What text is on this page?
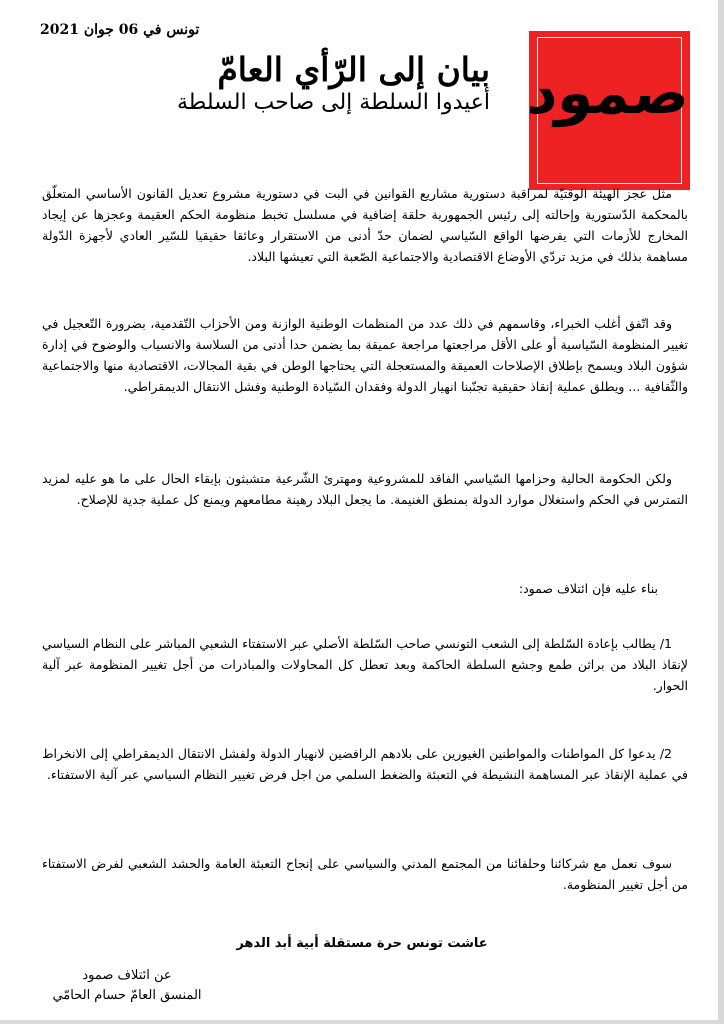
تونس في 06 جوان 2021
صمود
بيان إلى الرّأي العامّ
أعيدوا السلطة إلى صاحب السلطة

مثل عجز الهيئة الوقتيّة لمراقبة دستورية مشاريع القوانين في البت في دستورية مشروع تعديل القانون الأساسي المتعلّق بالمحكمة الدّستورية وإحالته إلى رئيس الجمهورية حلقة إضافية في مسلسل تخبط منظومة الحكم العقيمة وعجزها عن إيجاد المخارج للأزمات التي يفرضها الواقع السّياسي لضمان حدّ أدنى من الاستقرار وعائقا حقيقيا للسّير العادي لأجهزة الدّولة مساهمة بذلك في مزيد تردّي الأوضاع الاقتصادية والاجتماعية الصّعبة التي تعيشها البلاد.

وقد اتّفق أغلب الخبراء، وقاسمهم في ذلك عدد من المنظمات الوطنية الوازنة ومن الأحزاب التّقدمية، بضرورة التّعجيل في تغيير المنظومة السّياسية أو على الأقل مراجعتها مراجعة عميقة بما يضمن حدا أدنى من السلاسة والانسياب والوضوح في إدارة شؤون البلاد ويسمح بإطلاق الإصلاحات العميقة والمستعجلة التي يحتاجها الوطن في بقية المجالات، الاقتصادية منها والاجتماعية والثّقافية ... ويطلق عملية إنقاذ حقيقية تجنّبنا انهيار الدولة وفقدان السّيادة الوطنية وفشل الانتقال الديمقراطي.

ولكن الحكومة الحالية وحزامها السّياسي الفاقد للمشروعية ومهترئ الشّرعية متشبثون بإبقاء الحال على ما هو عليه لمزيد التمترس في الحكم واستغلال موارد الدولة بمنطق الغنيمة. ما يجعل البلاد رهينة مطامعهم ويمنع كل عملية جدية للإصلاح.

بناء عليه فإن ائتلاف صمود:

1/ يطالب بإعادة السّلطة إلى الشعب التونسي صاحب السّلطة الأصلي عبر الاستفتاء الشعبي المباشر على النظام السياسي لإنقاذ البلاد من براثن طمع وجشع السلطة الحاكمة وبعد تعطل كل المحاولات والمبادرات من أجل تغيير المنظومة عبر آلية الحوار.

2/ يدعوا كل المواطنات والمواطنين الغيورين على بلادهم الرافضين لانهيار الدولة ولفشل الانتقال الديمقراطي إلى الانخراط في عملية الإنقاذ عبر المساهمة النشيطة في التعبئة والضغط السلمي من اجل فرض تغيير النظام السياسي عبر آلية الاستفتاء.

سوف نعمل مع شركائنا وحلفائنا من المجتمع المدني والسياسي على إنجاح التعبئة العامة والحشد الشعبي لفرض الاستفتاء من أجل تغيير المنظومة.

عاشت تونس حرة مستقلة أبية أبد الدهر
عن ائتلاف صمود
المنسق العامّ حسام الحامّي
